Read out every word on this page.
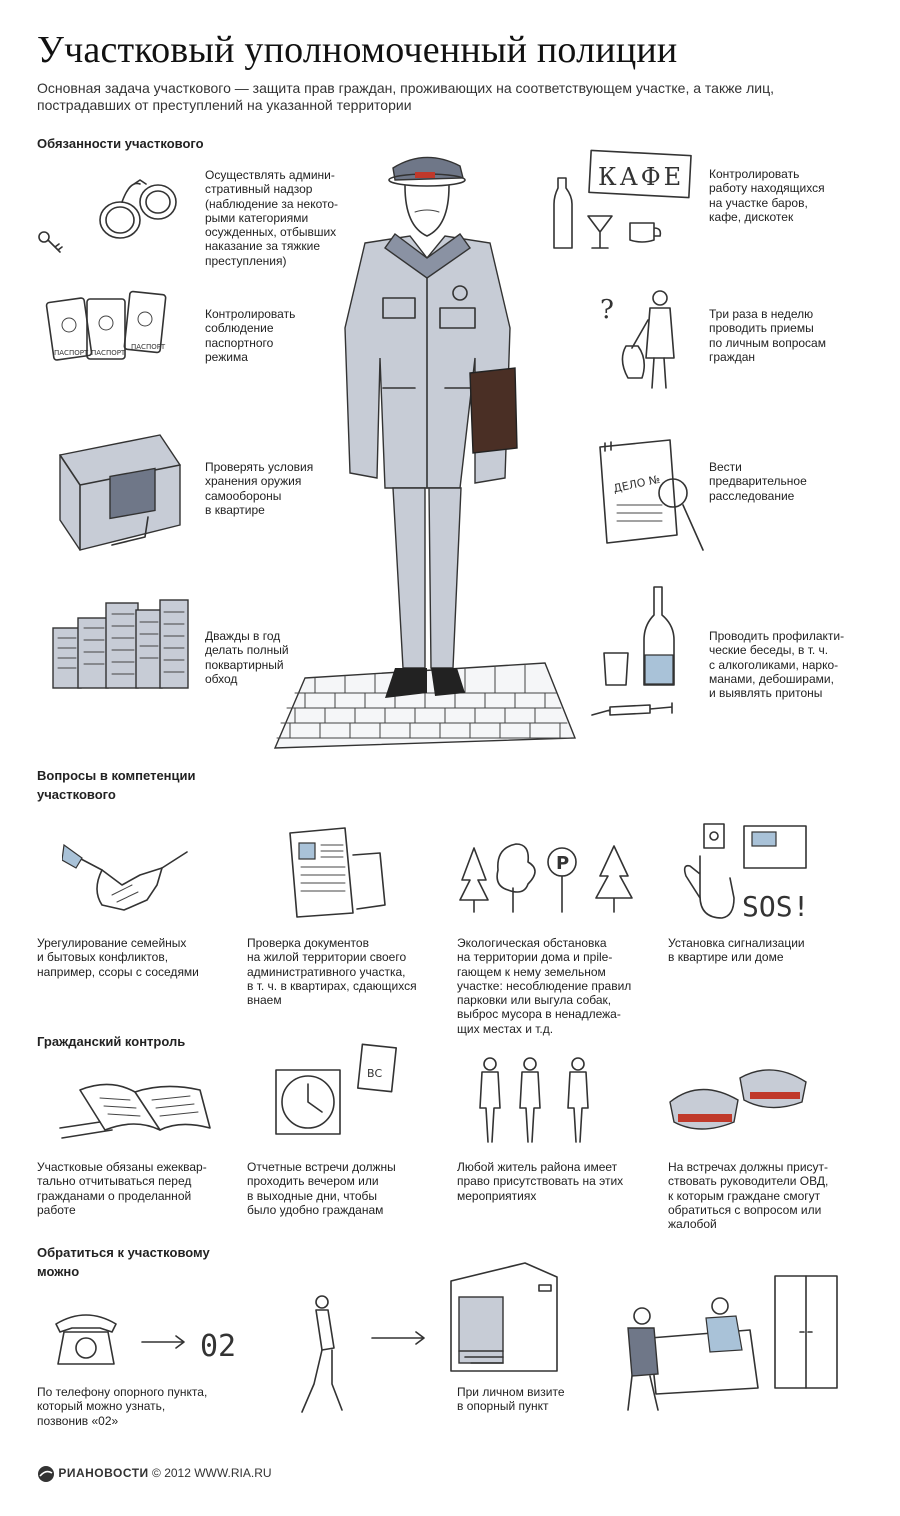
Участковый уполномоченный полиции
Основная задача участкового — защита прав граждан, проживающих на соответствующем участке, а также лиц, пострадавших от преступлений на указанной территории
Обязанности участкового
Осуществлять админи-
стративный надзор
(наблюдение за некото-
рыми категориями
осужденных, отбывших
наказание за тяжкие
преступления)
Контролировать
соблюдение
паспортного
режима
Проверять условия
хранения оружия
самообороны
в квартире
Дважды в год
делать полный
поквартирный
обход
Контролировать
работу находящихся
на участке баров,
кафе, дискотек
Три раза в неделю
проводить приемы
по личным вопросам
граждан
Вести
предварительное
расследование
Проводить профилакти-
ческие беседы, в т. ч.
с алкоголиками, нарко-
манами, дебоширами,
и выявлять притоны
ПАСПОРТ ПАСПОРТ
ПАСПОРТ
КАФЕ
?
ДЕЛО №
Вопросы в компетенции
участкового
P
SOS!
Урегулирование семейных
и бытовых конфликтов,
например, ссоры с соседями
Проверка документов
на жилой территории своего
административного участка,
в т. ч. в квартирах, сдающихся
внаем
Экологическая обстановка
на территории дома и прile-
гающем к нему земельном
участке: несоблюдение правил
парковки или выгула собак,
выброс мусора в ненадлежа-
щих местах и т.д.
Установка сигнализации
в квартире или доме
Гражданский контроль
ВС
Участковые обязаны ежеквар-
тально отчитываться перед
гражданами о проделанной
работе
Отчетные встречи должны
проходить вечером или
в выходные дни, чтобы
было удобно гражданам
Любой житель района имеет
право присутствовать на этих
мероприятиях
На встречах должны присут-
ствовать руководители ОВД,
к которым граждане смогут
обратиться с вопросом или
жалобой
Обратиться к участковому
можно
02
По телефону опорного пункта,
который можно узнать,
позвонив «02»
При личном визите
в опорный пункт
РИАНОВОСТИ © 2012 WWW.RIA.RU
